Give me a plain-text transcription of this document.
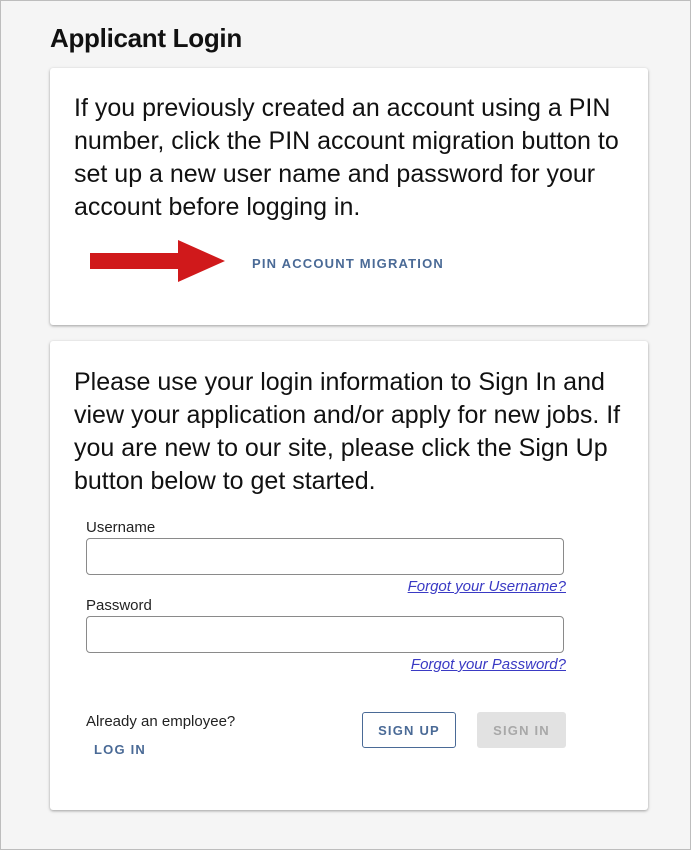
Applicant Login
If you previously created an account using a PIN number, click the PIN account migration button to set up a new user name and password for your account before logging in.
PIN ACCOUNT MIGRATION
Please use your login information to Sign In and view your application and/or apply for new jobs. If you are new to our site, please click the Sign Up button below to get started.
Username
Forgot your Username?
Password
Forgot your Password?
Already an employee?
LOG IN
SIGN UP	SIGN IN
